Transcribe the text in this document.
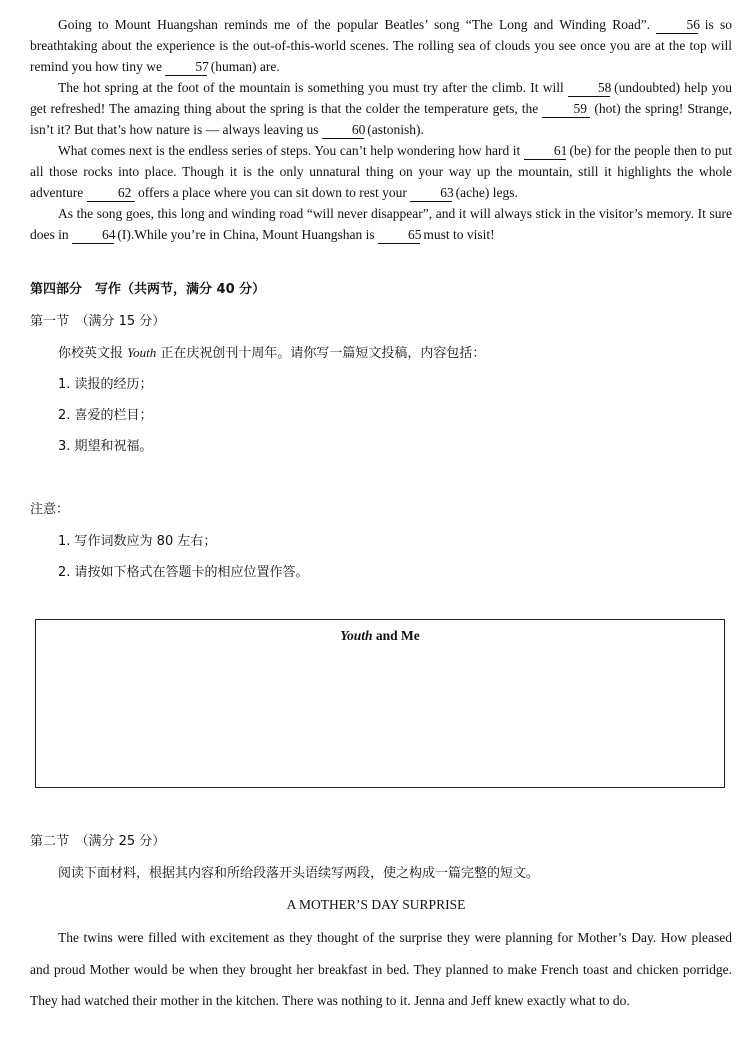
Going to Mount Huangshan reminds me of the popular Beatles’ song “The Long and Winding Road”.	56 is so breathtaking about the experience is the out-of-this-world scenes. The rolling sea of clouds you see once you are at the top will remind you how tiny we 57 (human) are.

The hot spring at the foot of the mountain is something you must try after the climb. It will	58 (undoubted) help you get refreshed! The amazing thing about the spring is that the colder the temperature gets, the	59 (hot) the spring! Strange, isn’t it? But that’s how nature is — always leaving us 60 (astonish).

What comes next is the endless series of steps. You can’t help wondering how hard it 61 (be) for the people then to put all those rocks into place. Though it is the only unnatural thing on your way up the mountain, still it highlights the whole adventure	62 offers a place where you can sit down to rest your 63 (ache) legs.

As the song goes, this long and winding road “will never disappear”, and it will always stick in the visitor’s memory. It sure does in 64 (I).While you’re in China, Mount Huangshan is 65 must to visit!

第四部分　写作（共两节，满分 40 分）

第一节　（满分 15 分）

你校英文报 Youth 正在庆祝创刊十周年。请你写一篇短文投稿，内容包括：

1. 读报的经历；

2. 喜爱的栏目；

3. 期望和祝福。

注意：

1. 写作词数应为 80 左右；

2. 请按如下格式在答题卡的相应位置作答。

Youth and Me

第二节　（满分 25 分）

阅读下面材料，根据其内容和所给段落开头语续写两段，使之构成一篇完整的短文。

A MOTHER’S DAY SURPRISE

The twins were filled with excitement as they thought of the surprise they were planning for Mother’s Day. How pleased and proud Mother would be when they brought her breakfast in bed. They planned to make French toast and chicken porridge. They had watched their mother in the kitchen. There was nothing to it. Jenna and Jeff knew exactly what to do.
